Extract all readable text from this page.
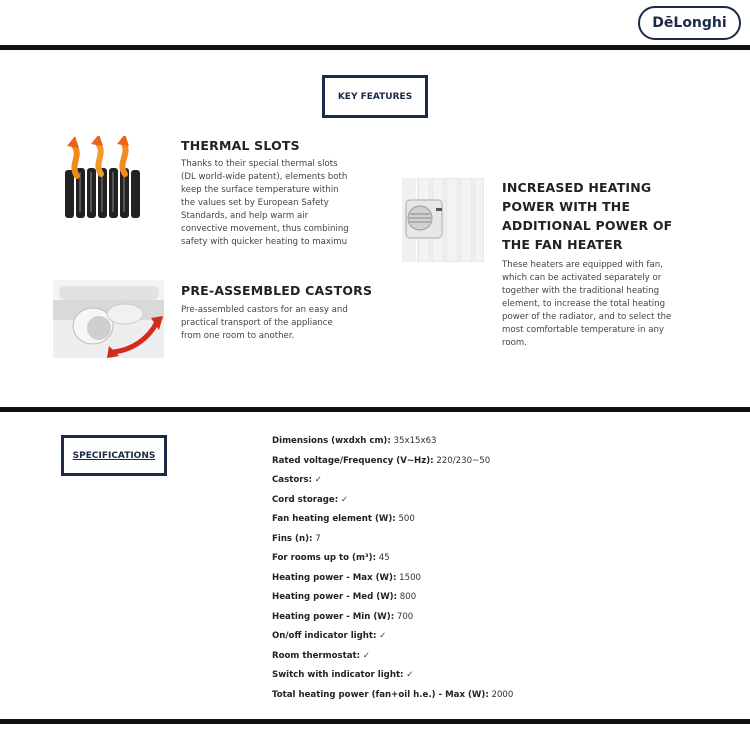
DēLonghi
KEY FEATURES
THERMAL SLOTS
Thanks to their special thermal slots
(DL world-wide patent), elements both
keep the surface temperature within
the values set by European Safety
Standards, and help warm air
convective movement, thus combining
safety with quicker heating to maximu
PRE-ASSEMBLED CASTORS
Pre-assembled castors for an easy and
practical transport of the appliance
from one room to another.
INCREASED HEATING
POWER WITH THE
ADDITIONAL POWER OF
THE FAN HEATER
These heaters are equipped with fan,
which can be activated separately or
together with the traditional heating
element, to increase the total heating
power of the radiator, and to select the
most comfortable temperature in any
room.
SPECIFICATIONS
Dimensions (wxdxh cm): 35x15x63
Rated voltage/Frequency (V~Hz): 220/230~50
Castors: ✓
Cord storage: ✓
Fan heating element (W): 500
Fins (n): 7
For rooms up to (m³): 45
Heating power - Max (W): 1500
Heating power - Med (W): 800
Heating power - Min (W): 700
On/off indicator light: ✓
Room thermostat: ✓
Switch with indicator light: ✓
Total heating power (fan+oil h.e.) - Max (W): 2000
